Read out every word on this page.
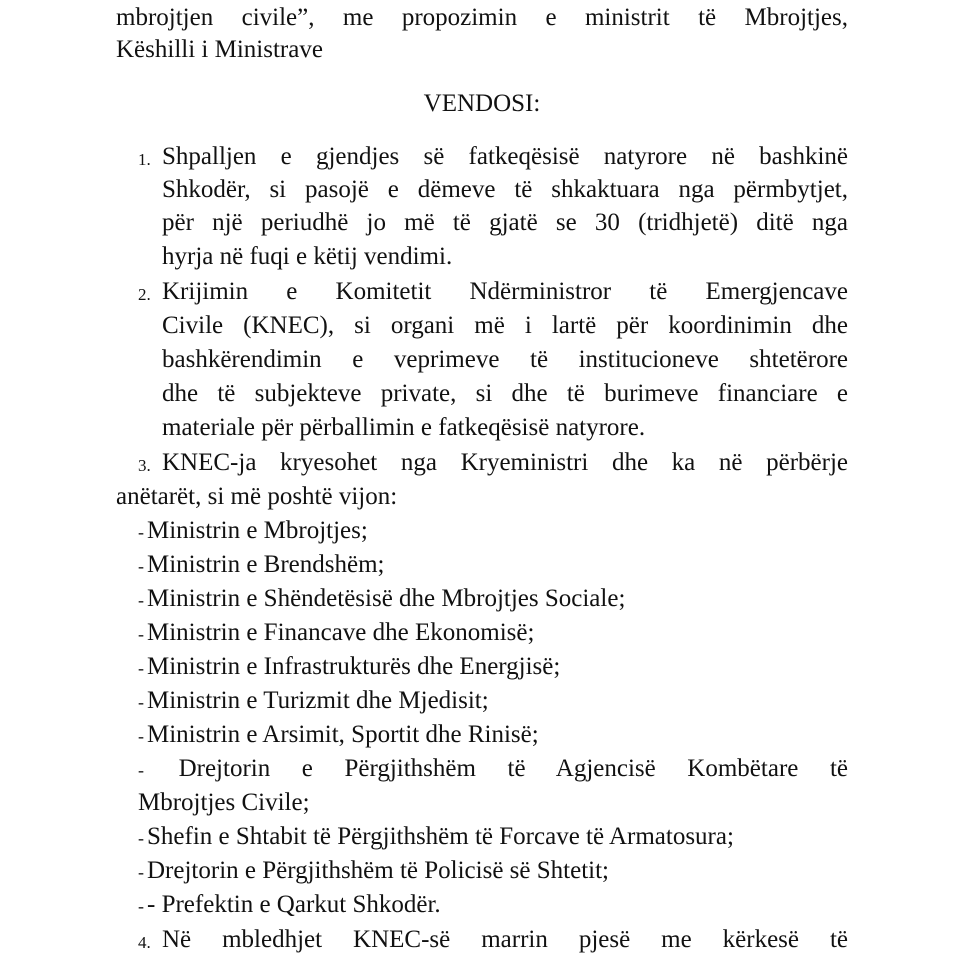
mbrojtjen civile”, me propozimin e ministrit të Mbrojtjes,
Këshilli i Ministrave
VENDOSI:
1. Shpalljen e gjendjes së fatkeqësisë natyrore në bashkinë
Shkodër, si pasojë e dëmeve të shkaktuara nga përmbytjet,
për një periudhë jo më të gjatë se 30 (tridhjetë) ditë nga
hyrja në fuqi e këtij vendimi.
2. Krijimin e Komitetit Ndërministror të Emergjencave
Civile (KNEC), si organi më i lartë për koordinimin dhe
bashkërendimin e veprimeve të institucioneve shtetërore
dhe të subjekteve private, si dhe të burimeve financiare e
materiale për përballimin e fatkeqësisë natyrore.
3. KNEC-ja kryesohet nga Kryeministri dhe ka në përbërje
anëtarët, si më poshtë vijon:
- Ministrin e Mbrojtjes;
- Ministrin e Brendshëm;
- Ministrin e Shëndetësisë dhe Mbrojtjes Sociale;
- Ministrin e Financave dhe Ekonomisë;
- Ministrin e Infrastrukturës dhe Energjisë;
- Ministrin e Turizmit dhe Mjedisit;
- Ministrin e Arsimit, Sportit dhe Rinisë;
- Drejtorin e Përgjithshëm të Agjencisë Kombëtare të
Mbrojtjes Civile;
- Shefin e Shtabit të Përgjithshëm të Forcave të Armatosura;
- Drejtorin e Përgjithshëm të Policisë së Shtetit;
- - Prefektin e Qarkut Shkodër.
4. Në mbledhjet KNEC-së marrin pjesë me kërkesë të
